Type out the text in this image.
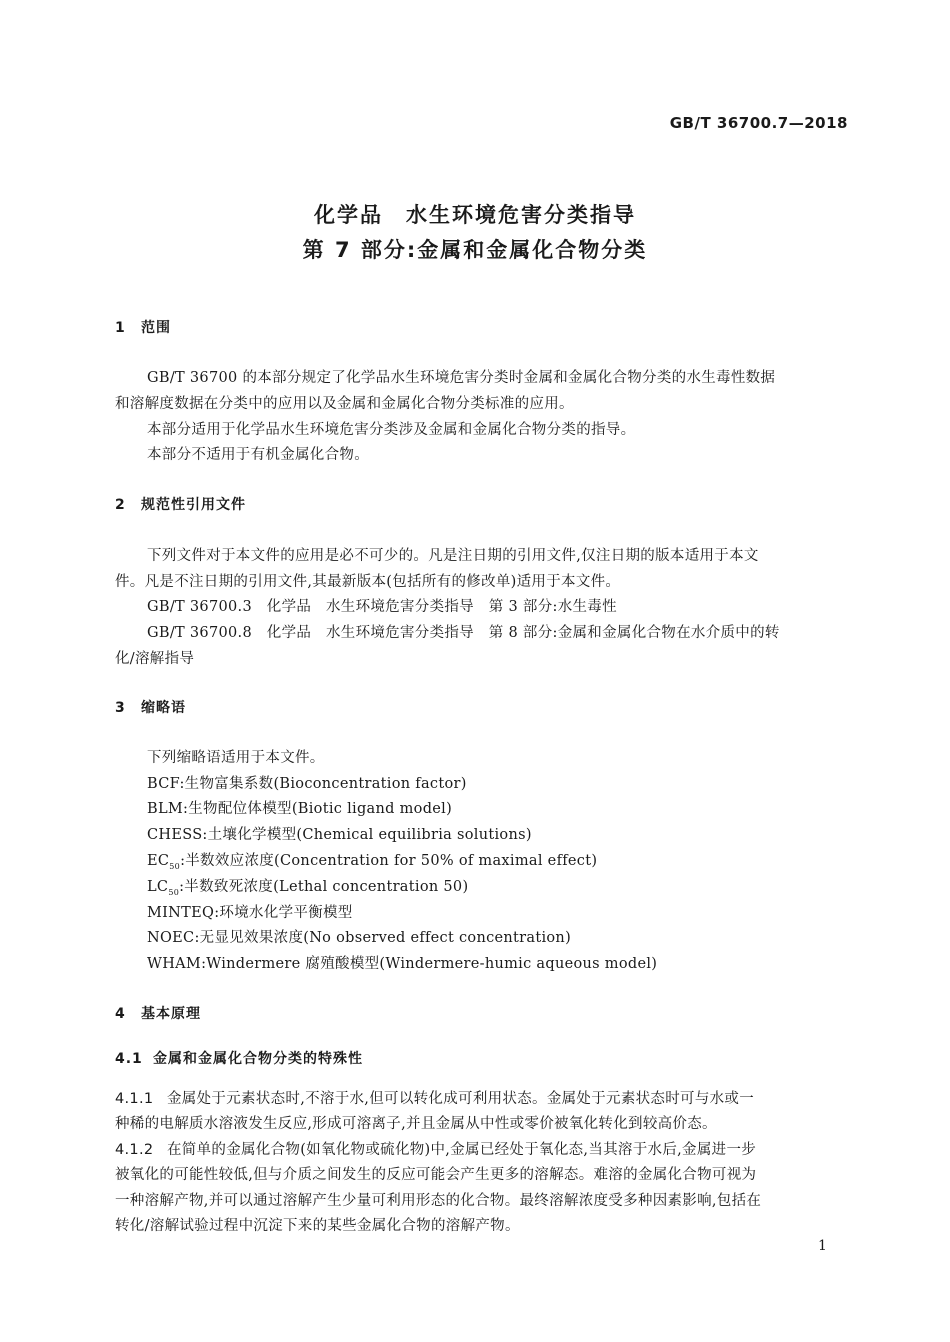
GB/T 36700.7—2018
化学品　水生环境危害分类指导
第 7 部分:金属和金属化合物分类
1 范围
GB/T 36700 的本部分规定了化学品水生环境危害分类时金属和金属化合物分类的水生毒性数据
和溶解度数据在分类中的应用以及金属和金属化合物分类标准的应用。
本部分适用于化学品水生环境危害分类涉及金属和金属化合物分类的指导。
本部分不适用于有机金属化合物。
2 规范性引用文件
下列文件对于本文件的应用是必不可少的。凡是注日期的引用文件,仅注日期的版本适用于本文
件。凡是不注日期的引用文件,其最新版本(包括所有的修改单)适用于本文件。
GB/T 36700.3　化学品　水生环境危害分类指导　第 3 部分:水生毒性
GB/T 36700.8　化学品　水生环境危害分类指导　第 8 部分:金属和金属化合物在水介质中的转
化/溶解指导
3 缩略语
下列缩略语适用于本文件。
BCF:生物富集系数(Bioconcentration factor)
BLM:生物配位体模型(Biotic ligand model)
CHESS:土壤化学模型(Chemical equilibria solutions)
$EC_{50}$:半数效应浓度(Concentration for 50% of maximal effect)
$LC_{50}$:半数致死浓度(Lethal concentration 50)
MINTEQ:环境水化学平衡模型
NOEC:无显见效果浓度(No observed effect concentration)
WHAM:Windermere 腐殖酸模型(Windermere-humic aqueous model)
4 基本原理
4.1 金属和金属化合物分类的特殊性
4.1.1 金属处于元素状态时,不溶于水,但可以转化成可利用状态。金属处于元素状态时可与水或一
种稀的电解质水溶液发生反应,形成可溶离子,并且金属从中性或零价被氧化转化到较高价态。
4.1.2 在简单的金属化合物(如氧化物或硫化物)中,金属已经处于氧化态,当其溶于水后,金属进一步
被氧化的可能性较低,但与介质之间发生的反应可能会产生更多的溶解态。难溶的金属化合物可视为
一种溶解产物,并可以通过溶解产生少量可利用形态的化合物。最终溶解浓度受多种因素影响,包括在
转化/溶解试验过程中沉淀下来的某些金属化合物的溶解产物。
1
